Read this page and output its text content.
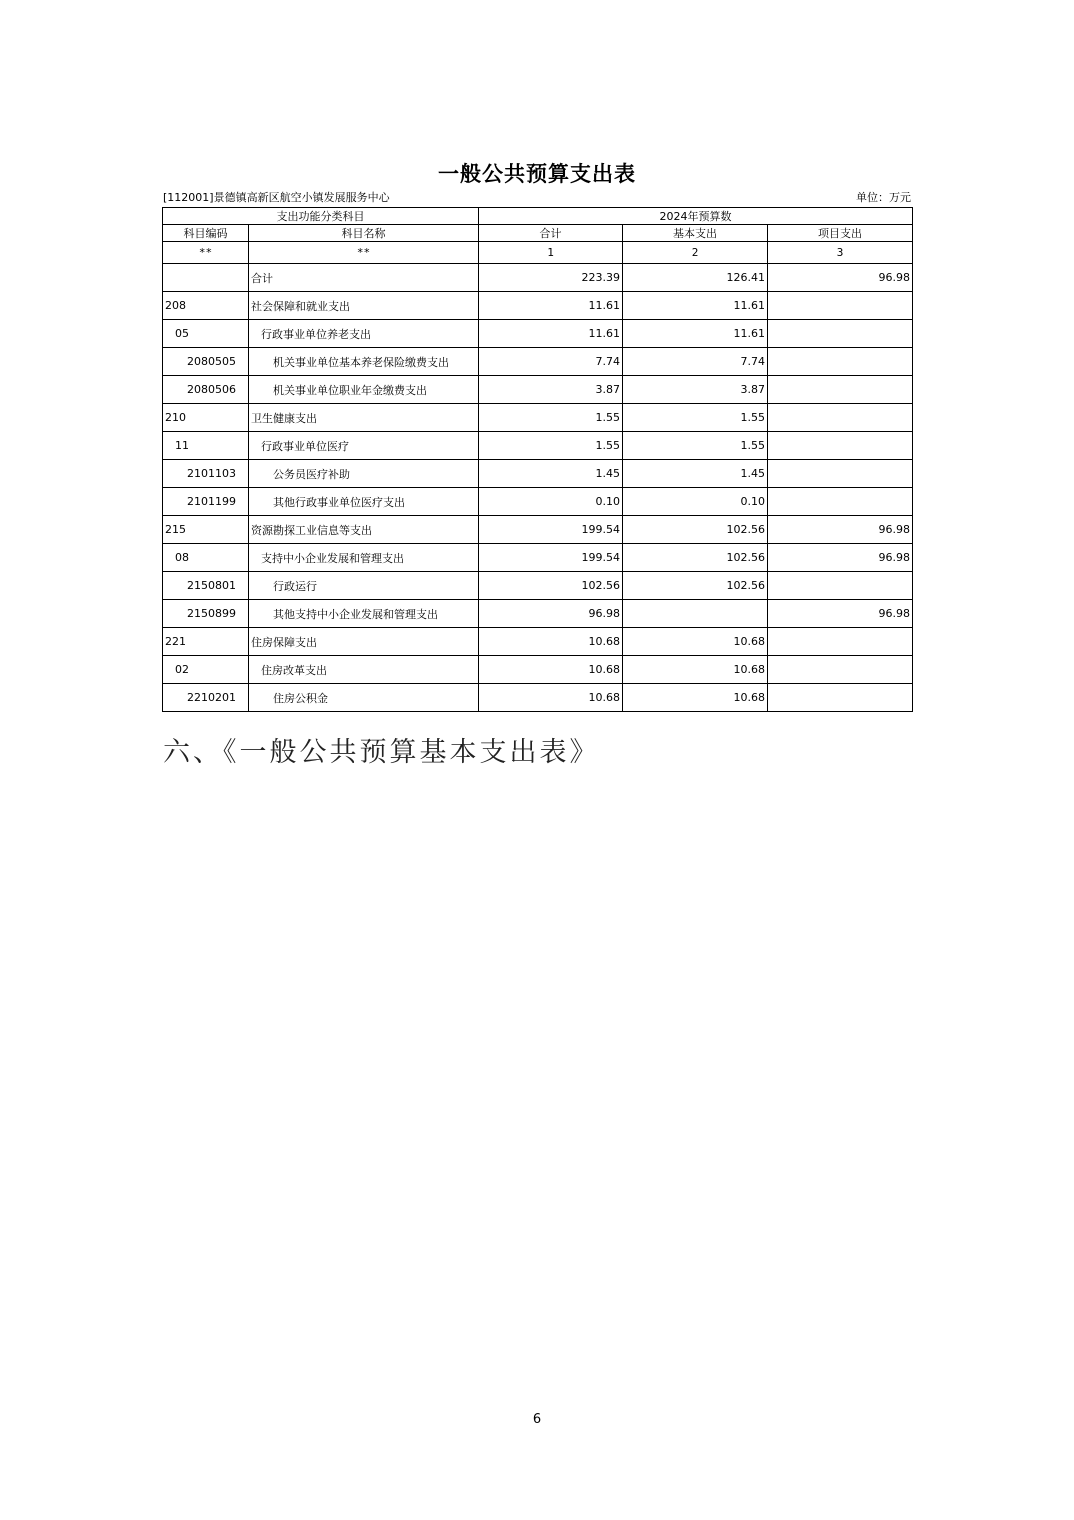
一般公共预算支出表
[112001]景德镇高新区航空小镇发展服务中心	单位：万元
支出功能分类科目		2024年预算数		
科目编码	科目名称	合计	基本支出	项目支出
**	**	1	2	3
	合计	223.39	126.41	96.98
208	社会保障和就业支出	11.61	11.61	
05	行政事业单位养老支出	11.61	11.61	
2080505	机关事业单位基本养老保险缴费支出	7.74	7.74	
2080506	机关事业单位职业年金缴费支出	3.87	3.87	
210	卫生健康支出	1.55	1.55	
11	行政事业单位医疗	1.55	1.55	
2101103	公务员医疗补助	1.45	1.45	
2101199	其他行政事业单位医疗支出	0.10	0.10	
215	资源勘探工业信息等支出	199.54	102.56	96.98
08	支持中小企业发展和管理支出	199.54	102.56	96.98
2150801	行政运行	102.56	102.56	
2150899	其他支持中小企业发展和管理支出	96.98		96.98
221	住房保障支出	10.68	10.68	
02	住房改革支出	10.68	10.68	
2210201	住房公积金	10.68	10.68	
六、《一般公共预算基本支出表》
6
